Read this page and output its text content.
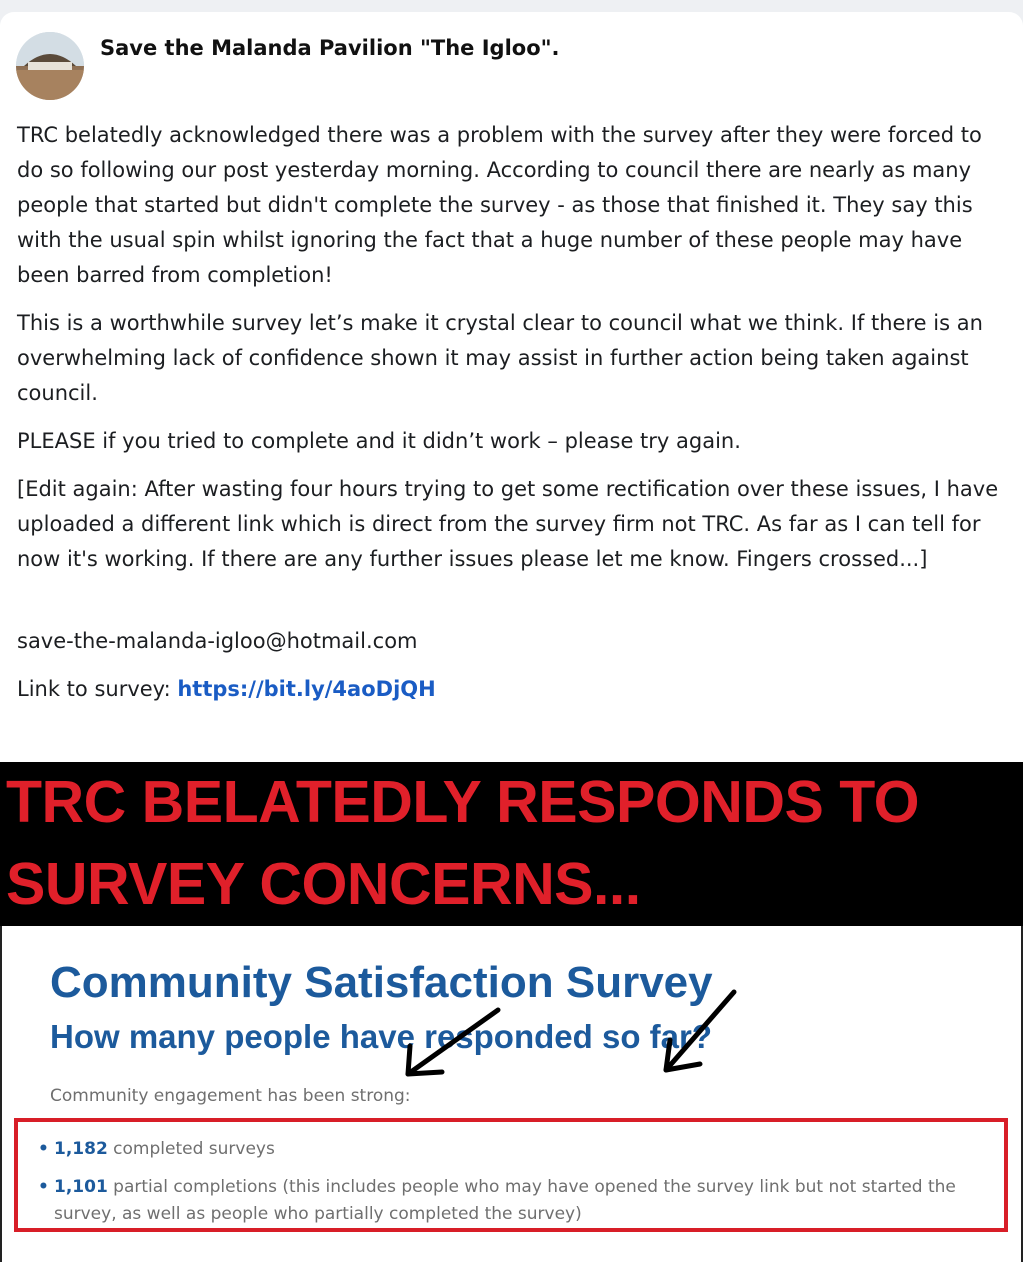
Save the Malanda Pavilion "The Igloo".

TRC belatedly acknowledged there was a problem with the survey after they were forced to do so following our post yesterday morning. According to council there are nearly as many people that started but didn't complete the survey - as those that finished it. They say this with the usual spin whilst ignoring the fact that a huge number of these people may have been barred from completion!

This is a worthwhile survey let’s make it crystal clear to council what we think. If there is an overwhelming lack of confidence shown it may assist in further action being taken against council.

PLEASE if you tried to complete and it didn’t work – please try again.

[Edit again: After wasting four hours trying to get some rectification over these issues, I have uploaded a different link which is direct from the survey firm not TRC. As far as I can tell for now it's working. If there are any further issues please let me know. Fingers crossed...]

save-the-malanda-igloo@hotmail.com

Link to survey: https://bit.ly/4aoDjQH

TRC BELATEDLY RESPONDS TO
SURVEY CONCERNS...
Community Satisfaction Survey
How many people have responded so far?
Community engagement has been strong:
• 1,182 completed surveys
• 1,101 partial completions (this includes people who may have opened the survey link but not started the survey, as well as people who partially completed the survey)
